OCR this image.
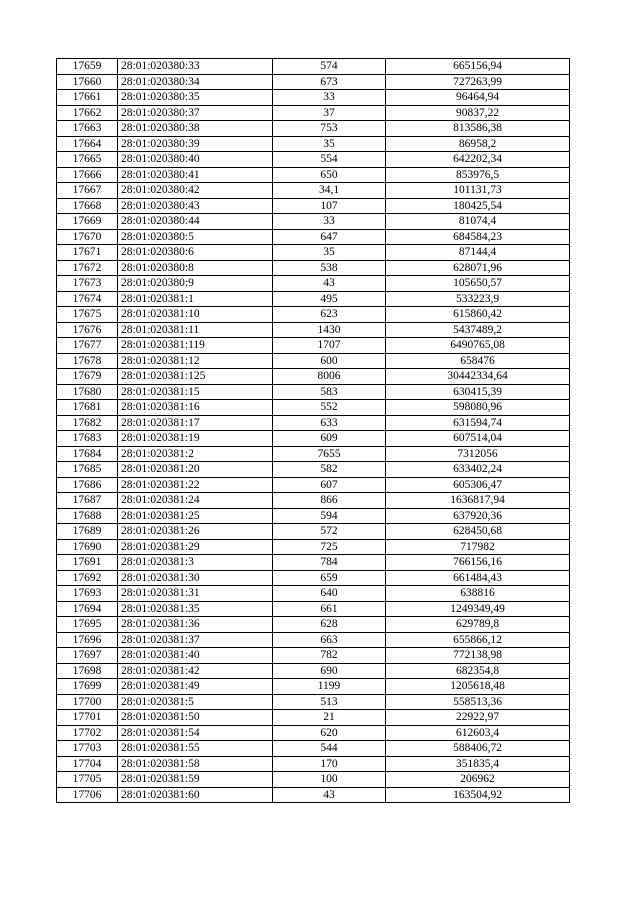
17659	28:01:020380:33	574	665156,94
17660	28:01:020380:34	673	727263,99
17661	28:01:020380:35	33	96464,94
17662	28:01:020380:37	37	90837,22
17663	28:01:020380:38	753	813586,38
17664	28:01:020380:39	35	86958,2
17665	28:01:020380:40	554	642202,34
17666	28:01:020380:41	650	853976,5
17667	28:01:020380:42	34,1	101131,73
17668	28:01:020380:43	107	180425,54
17669	28:01:020380:44	33	81074,4
17670	28:01:020380:5	647	684584,23
17671	28:01:020380:6	35	87144,4
17672	28:01:020380:8	538	628071,96
17673	28:01:020380:9	43	105650,57
17674	28:01:020381:1	495	533223,9
17675	28:01:020381:10	623	615860,42
17676	28:01:020381:11	1430	5437489,2
17677	28:01:020381:119	1707	6490765,08
17678	28:01:020381:12	600	658476
17679	28:01:020381:125	8006	30442334,64
17680	28:01:020381:15	583	630415,39
17681	28:01:020381:16	552	598080,96
17682	28:01:020381:17	633	631594,74
17683	28:01:020381:19	609	607514,04
17684	28:01:020381:2	7655	7312056
17685	28:01:020381:20	582	633402,24
17686	28:01:020381:22	607	605306,47
17687	28:01:020381:24	866	1636817,94
17688	28:01:020381:25	594	637920,36
17689	28:01:020381:26	572	628450,68
17690	28:01:020381:29	725	717982
17691	28:01:020381:3	784	766156,16
17692	28:01:020381:30	659	661484,43
17693	28:01:020381:31	640	638816
17694	28:01:020381:35	661	1249349,49
17695	28:01:020381:36	628	629789,8
17696	28:01:020381:37	663	655866,12
17697	28:01:020381:40	782	772138,98
17698	28:01:020381:42	690	682354,8
17699	28:01:020381:49	1199	1205618,48
17700	28:01:020381:5	513	558513,36
17701	28:01:020381:50	21	22922,97
17702	28:01:020381:54	620	612603,4
17703	28:01:020381:55	544	588406,72
17704	28:01:020381:58	170	351835,4
17705	28:01:020381:59	100	206962
17706	28:01:020381:60	43	163504,92
